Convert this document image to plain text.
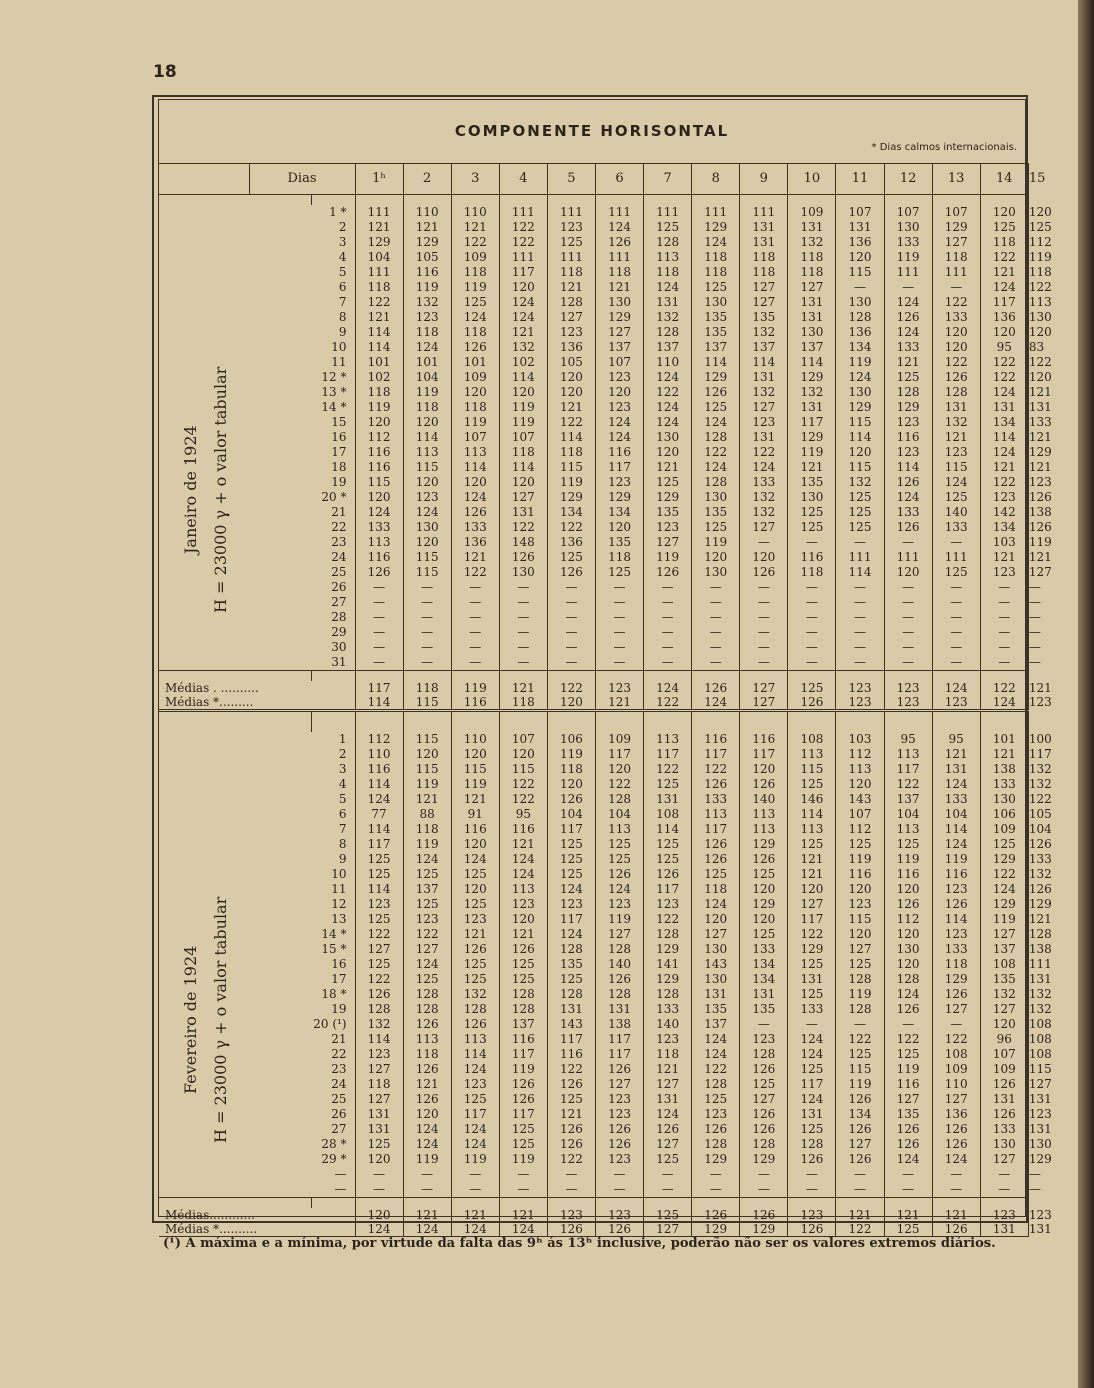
18
COMPONENTE HORISONTAL
* Dias calmos internacionais.
Janeiro de 1924 H = 23000 γ + o valor tabular
Fevereiro de 1924 H = 23000 γ + o valor tabular
	Dias		1ʰ	2	3	4	5	6	7	8	9	10	11	12	13	14	15

	1 *		111	110	110	111	111	111	111	111	111	109	107	107	107	120	120
	2		121	121	121	122	123	124	125	129	131	131	131	130	129	125	125
	3		129	129	122	122	125	126	128	124	131	132	136	133	127	118	112
	4		104	105	109	111	111	111	113	118	118	118	120	119	118	122	119
	5		111	116	118	117	118	118	118	118	118	118	115	111	111	121	118
	6		118	119	119	120	121	121	124	125	127	127	—	—	—	124	122
	7		122	132	125	124	128	130	131	130	127	131	130	124	122	117	113
	8		121	123	124	124	127	129	132	135	135	131	128	126	133	136	130
	9		114	118	118	121	123	127	128	135	132	130	136	124	120	120	120
	10		114	124	126	132	136	137	137	137	137	137	134	133	120	95	83
	11		101	101	101	102	105	107	110	114	114	114	119	121	122	122	122
	12 *		102	104	109	114	120	123	124	129	131	129	124	125	126	122	120
	13 *		118	119	120	120	120	120	122	126	132	132	130	128	128	124	121
	14 *		119	118	118	119	121	123	124	125	127	131	129	129	131	131	131
	15		120	120	119	119	122	124	124	124	123	117	115	123	132	134	133
	16		112	114	107	107	114	124	130	128	131	129	114	116	121	114	121
	17		116	113	113	118	118	116	120	122	122	119	120	123	123	124	129
	18		116	115	114	114	115	117	121	124	124	121	115	114	115	121	121
	19		115	120	120	120	119	123	125	128	133	135	132	126	124	122	123
	20 *		120	123	124	127	129	129	129	130	132	130	125	124	125	123	126
	21		124	124	126	131	134	134	135	135	132	125	125	133	140	142	138
	22		133	130	133	122	122	120	123	125	127	125	125	126	133	134	126
	23		113	120	136	148	136	135	127	119	—	—	—	—	—	103	119
	24		116	115	121	126	125	118	119	120	120	116	111	111	111	121	121
	25		126	115	122	130	126	125	126	130	126	118	114	120	125	123	127
	26		—	—	—	—	—	—	—	—	—	—	—	—	—	—	—
	27		—	—	—	—	—	—	—	—	—	—	—	—	—	—	—
	28		—	—	—	—	—	—	—	—	—	—	—	—	—	—	—
	29		—	—	—	—	—	—	—	—	—	—	—	—	—	—	—
	30		—	—	—	—	—	—	—	—	—	—	—	—	—	—	—
	31		—	—	—	—	—	—	—	—	—	—	—	—	—	—	—

Médias . ..........			117	118	119	121	122	123	124	126	127	125	123	123	124	122	121
Médias *.........			114	115	116	118	120	121	122	124	127	126	123	123	123	124	123

	1		112	115	110	107	106	109	113	116	116	108	103	95	95	101	100
	2		110	120	120	120	119	117	117	117	117	113	112	113	121	121	117
	3		116	115	115	115	118	120	122	122	120	115	113	117	131	138	132
	4		114	119	119	122	120	122	125	126	126	125	120	122	124	133	132
	5		124	121	121	122	126	128	131	133	140	146	143	137	133	130	122
	6		77	88	91	95	104	104	108	113	113	114	107	104	104	106	105
	7		114	118	116	116	117	113	114	117	113	113	112	113	114	109	104
	8		117	119	120	121	125	125	125	126	129	125	125	125	124	125	126
	9		125	124	124	124	125	125	125	126	126	121	119	119	119	129	133
	10		125	125	125	124	125	126	126	125	125	121	116	116	116	122	132
	11		114	137	120	113	124	124	117	118	120	120	120	120	123	124	126
	12		123	125	125	123	123	123	123	124	129	127	123	126	126	129	129
	13		125	123	123	120	117	119	122	120	120	117	115	112	114	119	121
	14 *		122	122	121	121	124	127	128	127	125	122	120	120	123	127	128
	15 *		127	127	126	126	128	128	129	130	133	129	127	130	133	137	138
	16		125	124	125	125	135	140	141	143	134	125	125	120	118	108	111
	17		122	125	125	125	125	126	129	130	134	131	128	128	129	135	131
	18 *		126	128	132	128	128	128	128	131	131	125	119	124	126	132	132
	19		128	128	128	128	131	131	133	135	135	133	128	126	127	127	132
	20 (¹)		132	126	126	137	143	138	140	137	—	—	—	—	—	120	108
	21		114	113	113	116	117	117	123	124	123	124	122	122	122	96	108
	22		123	118	114	117	116	117	118	124	128	124	125	125	108	107	108
	23		127	126	124	119	122	126	121	122	126	125	115	119	109	109	115
	24		118	121	123	126	126	127	127	128	125	117	119	116	110	126	127
	25		127	126	125	126	125	123	131	125	127	124	126	127	127	131	131
	26		131	120	117	117	121	123	124	123	126	131	134	135	136	126	123
	27		131	124	124	125	126	126	126	126	126	125	126	126	126	133	131
	28 *		125	124	124	125	126	126	127	128	128	128	127	126	126	130	130
	29 *		120	119	119	119	122	123	125	129	129	126	126	124	124	127	129
	—		—	—	—	—	—	—	—	—	—	—	—	—	—	—	—
	—		—	—	—	—	—	—	—	—	—	—	—	—	—	—	—

Médias............			120	121	121	121	123	123	125	126	126	123	121	121	121	123	123
Médias *..........			124	124	124	124	126	126	127	129	129	126	122	125	126	131	131

(¹) A máxima e a mínima, por virtude da falta das 9ʰ ás 13ʰ inclusive, poderão não ser os valores extremos diários.
